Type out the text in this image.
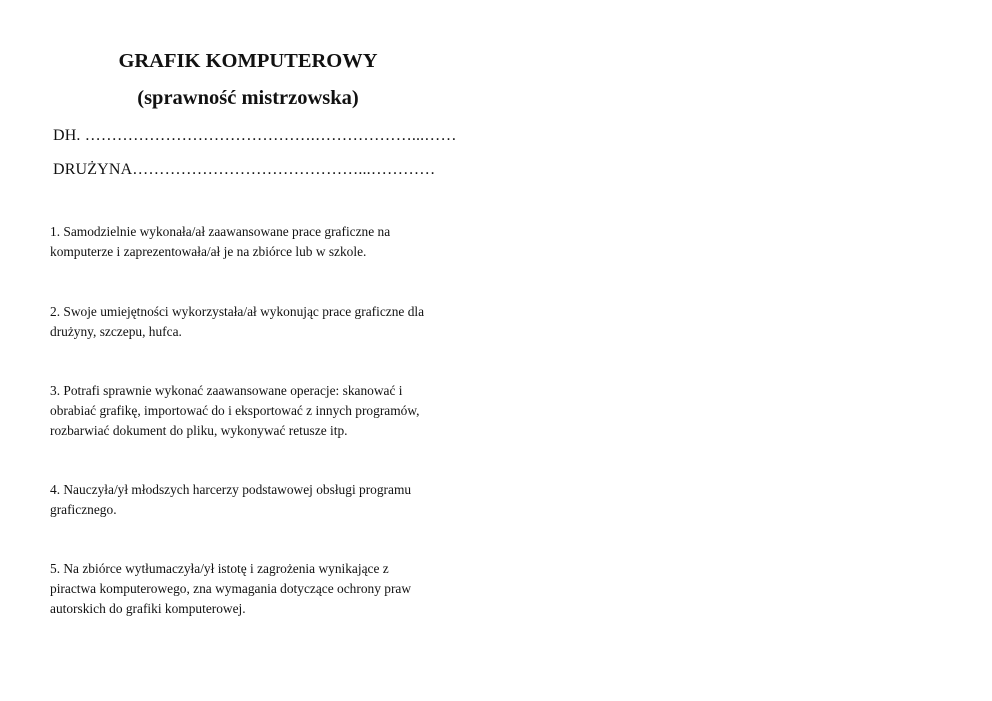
GRAFIK KOMPUTEROWY
(sprawność mistrzowska)
DH. …………………………………….………………...……
DRUŻYNA……………………………………...…………
1. Samodzielnie wykonała/ał zaawansowane prace graficzne na
komputerze i zaprezentowała/ał je na zbiórce lub w szkole.
2. Swoje umiejętności wykorzystała/ał wykonując prace graficzne dla
drużyny, szczepu, hufca.
3. Potrafi sprawnie wykonać zaawansowane operacje: skanować i
obrabiać grafikę, importować do i eksportować z innych programów,
rozbarwiać dokument do pliku, wykonywać retusze itp.
4. Nauczyła/ył młodszych harcerzy podstawowej obsługi programu
graficznego.
5. Na zbiórce wytłumaczyła/ył istotę i zagrożenia wynikające z
piractwa komputerowego, zna wymagania dotyczące ochrony praw
autorskich do grafiki komputerowej.
